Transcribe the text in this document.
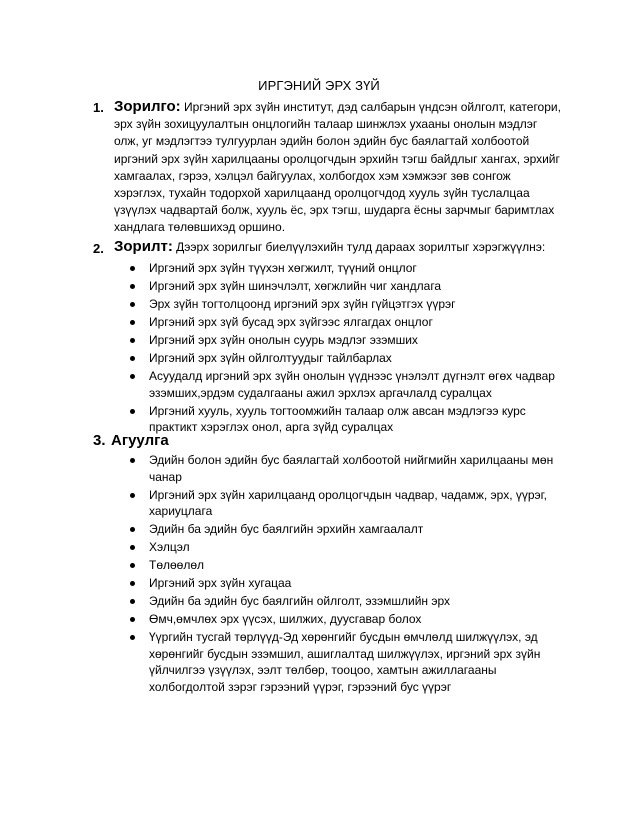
ИРГЭНИЙ ЭРХ ЗҮЙ
1. Зорилго: Иргэний эрх зүйн институт, дэд салбарын үндсэн ойлголт, категори, эрх зүйн зохицуулалтын онцлогийн талаар шинжлэх ухааны онолын мэдлэг олж, уг мэдлэгтээ тулгуурлан эдийн болон эдийн бус баялагтай холбоотой иргэний эрх зүйн харилцааны оролцогчдын эрхийн тэгш байдлыг хангах, эрхийг хамгаалах, гэрээ, хэлцэл байгуулах, холбогдох хэм хэмжээг зөв сонгож хэрэглэх, тухайн тодорхой харилцаанд оролцогчдод хууль зүйн туслалцаа үзүүлэх чадвартай болж, хууль ёс, эрх тэгш, шударга ёсны зарчмыг баримтлах хандлага төлөвшихэд оршино.
2. Зорилт: Дээрх зорилгыг биелүүлэхийн тулд дараах зорилтыг хэрэгжүүлнэ:
Иргэний эрх зүйн түүхэн хөгжилт, түүний онцлог
Иргэний эрх зүйн шинэчлэлт, хөгжлийн чиг хандлага
Эрх зүйн тогтолцоонд иргэний эрх зүйн гүйцэтгэх үүрэг
Иргэний эрх зүй бусад эрх зүйгээс ялгагдах онцлог
Иргэний эрх зүйн онолын суурь мэдлэг эзэмших
Иргэний эрх зүйн ойлголтуудыг тайлбарлах
Асуудалд иргэний эрх зүйн онолын үүднээс үнэлэлт дүгнэлт өгөх чадвар эзэмших,эрдэм судалгааны ажил эрхлэх аргачлалд суралцах
Иргэний хууль, хууль тогтоомжийн талаар олж авсан мэдлэгээ курс практикт хэрэглэх онол, арга зүйд суралцах
3. Агуулга
Эдийн болон эдийн бус баялагтай холбоотой нийгмийн харилцааны мөн чанар
Иргэний эрх зүйн харилцаанд оролцогчдын чадвар, чадамж, эрх, үүрэг, хариуцлага
Эдийн ба эдийн бус баялгийн эрхийн хамгаалалт
Хэлцэл
Төлөөлөл
Иргэний эрх зүйн хугацаа
Эдийн ба эдийн бус баялгийн ойлголт, эзэмшлийн эрх
Өмч,өмчлөх эрх үүсэх, шилжих, дуусгавар болох
Үүргийн тусгай төрлүүд-Эд хөрөнгийг бусдын өмчлөлд шилжүүлэх, эд хөрөнгийг бусдын эзэмшил, ашиглалтад шилжүүлэх, иргэний эрх зүйн үйлчилгээ үзүүлэх, ээлт төлбөр, тооцоо, хамтын ажиллагааны холбогдолтой зэрэг гэрээний үүрэг, гэрээний бус үүрэг
